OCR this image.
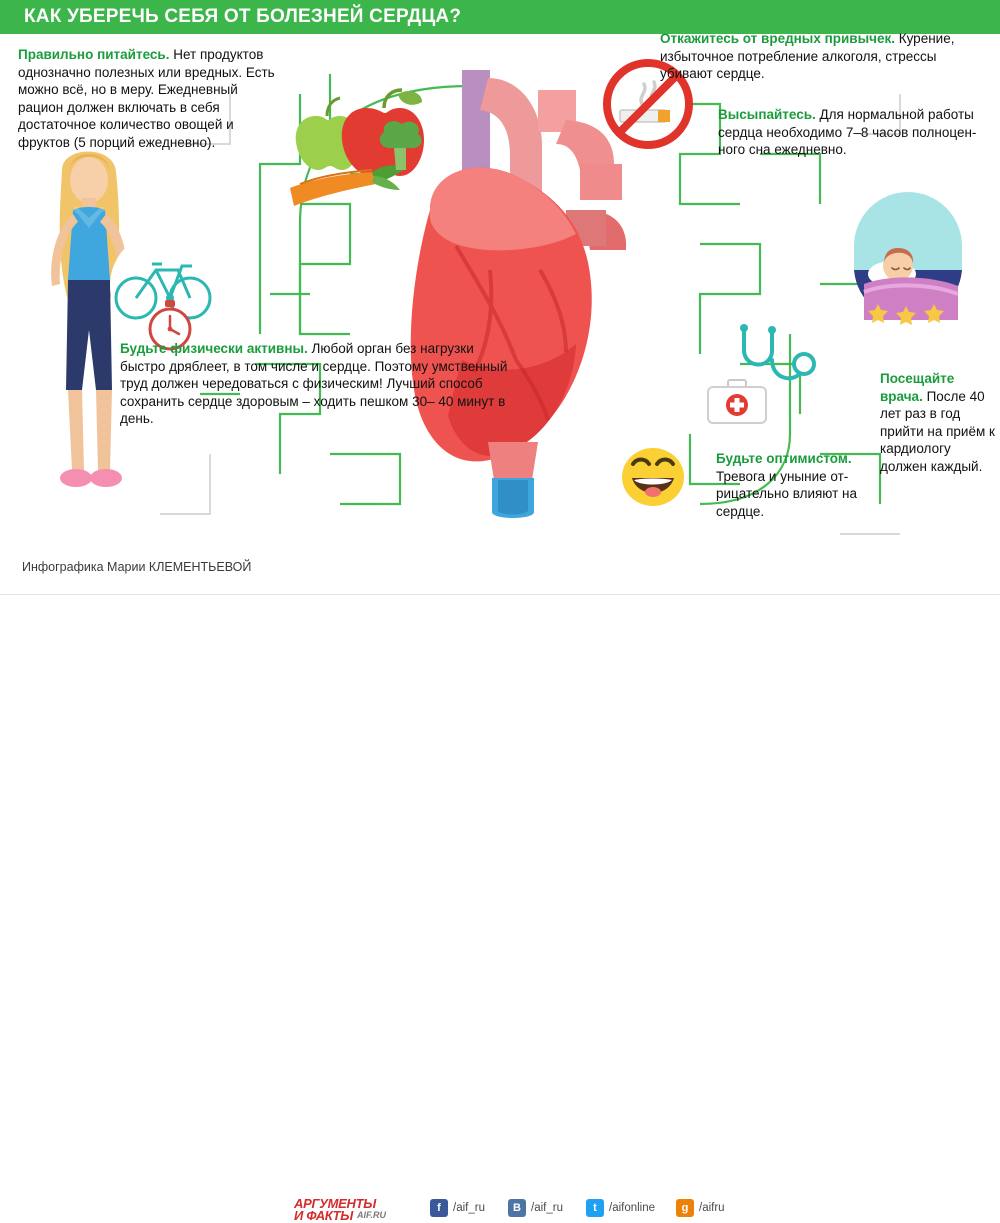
КАК УБЕРЕЧЬ СЕБЯ ОТ БОЛЕЗНЕЙ СЕРДЦА?
Правильно питайтесь. Нет продуктов однозначно полезных или вредных. Есть можно всё, но в меру. Ежедневный рацион должен включать в себя достаточное количество овощей и фруктов (5 порций ежедневно).
Будьте физически активны. Любой орган без нагрузки быстро дряблеет, в том числе и сердце. Поэтому умственный труд должен чередоваться с физическим! Лучший способ сохранить сердце здоровым – ходить пешком 30– 40 минут в день.
Откажитесь от вредных привычек. Курение, избыточное потребление алкоголя, стрессы убивают сердце.
Высыпайтесь. Для нормальной работы сердца необходимо 7–8 часов полноценного сна ежедневно.
Посещайте врача. После 40 лет раз в год прийти на приём к кардиологу должен каждый.
Будьте оптимистом. Тревога и уныние отрицательно влияют на сердце.
Инфографика Марии КЛЕМЕНТЬЕВОЙ
АРГУМЕНТЫ
И ФАКТЫ AIF.RU
f	/aif_ru	B /aif_ru	t	/aifonline	g /aifru
